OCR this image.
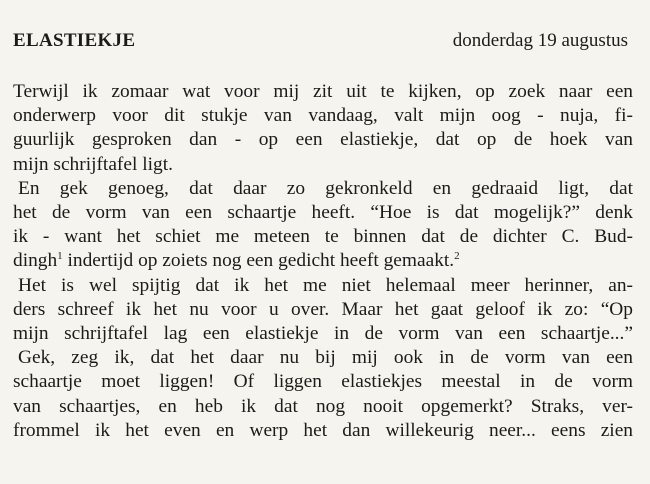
ELASTIEKJE	donderdag 19 augustus
Terwijl ik zomaar wat voor mij zit uit te kijken, op zoek naar een
onderwerp voor dit stukje van vandaag, valt mijn oog - nuja, fi-
guurlijk gesproken dan - op een elastiekje, dat op de hoek van
mijn schrijftafel ligt.
En gek genoeg, dat daar zo gekronkeld en gedraaid ligt, dat
het de vorm van een schaartje heeft. “Hoe is dat mogelijk?” denk
ik - want het schiet me meteen te binnen dat de dichter C. Bud-
dingh$^1$ indertijd op zoiets nog een gedicht heeft gemaakt.$^2$
Het is wel spijtig dat ik het me niet helemaal meer herinner, an-
ders schreef ik het nu voor u over. Maar het gaat geloof ik zo: “Op
mijn schrijftafel lag een elastiekje in de vorm van een schaartje...”
Gek, zeg ik, dat het daar nu bij mij ook in de vorm van een
schaartje moet liggen! Of liggen elastiekjes meestal in de vorm
van schaartjes, en heb ik dat nog nooit opgemerkt? Straks, ver-
frommel ik het even en werp het dan willekeurig neer... eens zien
